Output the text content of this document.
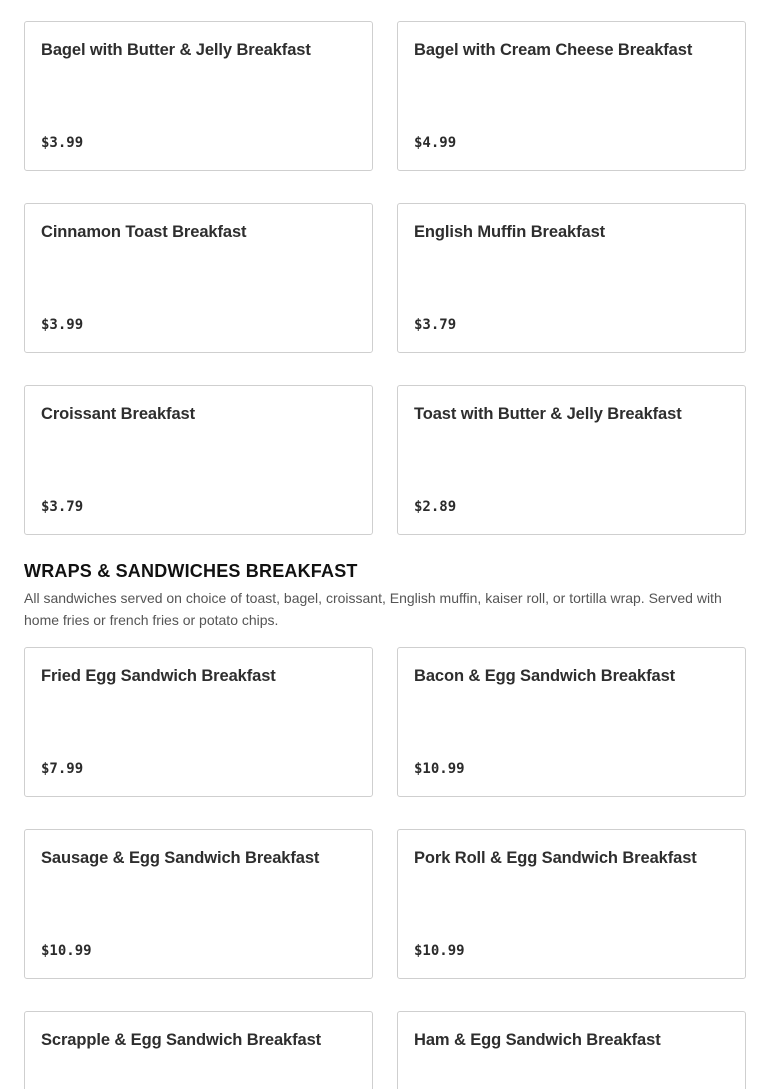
Bagel with Butter & Jelly Breakfast
$3.99
Bagel with Cream Cheese Breakfast
$4.99
Cinnamon Toast Breakfast
$3.99
English Muffin Breakfast
$3.79
Croissant Breakfast
$3.79
Toast with Butter & Jelly Breakfast
$2.89
WRAPS & SANDWICHES BREAKFAST

All sandwiches served on choice of toast, bagel, croissant, English muffin, kaiser roll, or tortilla wrap. Served with home fries or french fries or potato chips.

Fried Egg Sandwich Breakfast
$7.99
Bacon & Egg Sandwich Breakfast
$10.99
Sausage & Egg Sandwich Breakfast
$10.99
Pork Roll & Egg Sandwich Breakfast
$10.99
Scrapple & Egg Sandwich Breakfast	Ham & Egg Sandwich Breakfast
